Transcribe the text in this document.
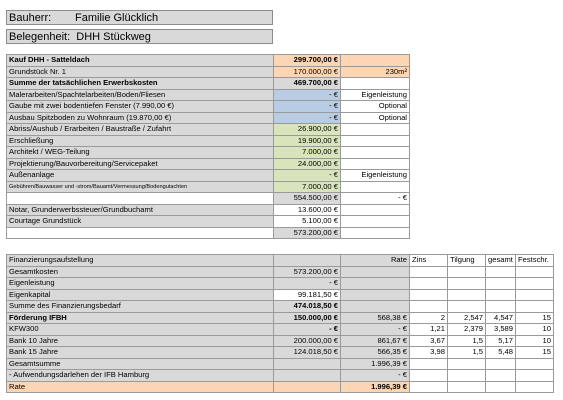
Bauherr: Familie Glücklich
Belegenheit: DHH Stückweg
Kauf DHH - Satteldach	299.700,00 €	
Grundstück Nr. 1	170.000,00 €	230m²
Summe der tatsächlichen Erwerbskosten	469.700,00 €	
Malerarbeiten/Spachtelarbeiten/Boden/Fliesen	- €	Eigenleistung
Gaube mit zwei bodentiefen Fenster (7.990,00 €)	- €	Optional
Ausbau Spitzboden zu Wohnraum (19.870,00 €)	- €	Optional
Abriss/Aushub / Erarbeiten / Baustraße / Zufahrt	26.900,00 €	
Erschließung	19.900,00 €	
Architekt / WEG-Teilung	7.000,00 €	
Projektierung/Bauvorbereitung/Servicepaket	24.000,00 €	
Außenanlage	- €	Eigenleistung
Gebühren/Bauwasser und -strom/Bauamt/Vermessung/Bodengutachten	7.000,00 €	
	554.500,00 €	- €
Notar, Grunderwerbssteuer/Grundbuchamt	13.600,00 €	
Courtage Grundstück	5.100,00 €	
	573.200,00 €	
Finanzierungsaufstellung		Rate	Zins	Tilgung	gesamt	Festschr.
Gesamtkosten	573.200,00 €					
Eigenleistung	- €					
Eigenkapital	99.181,50 €					
Summe des Finanzierungsbedarf	474.018,50 €					
Förderung IFBH	150.000,00 €	568,38 €	2	2,547	4,547	15
KFW300	- €	- €	1,21	2,379	3,589	10
Bank 10 Jahre	200.000,00 €	861,67 €	3,67	1,5	5,17	10
Bank 15 Jahre	124.018,50 €	566,35 €	3,98	1,5	5,48	15
Gesamtsumme		1.996,39 €				
- Aufwendungsdarlehen der IFB Hamburg		- €				
Rate		1.996,39 €				
